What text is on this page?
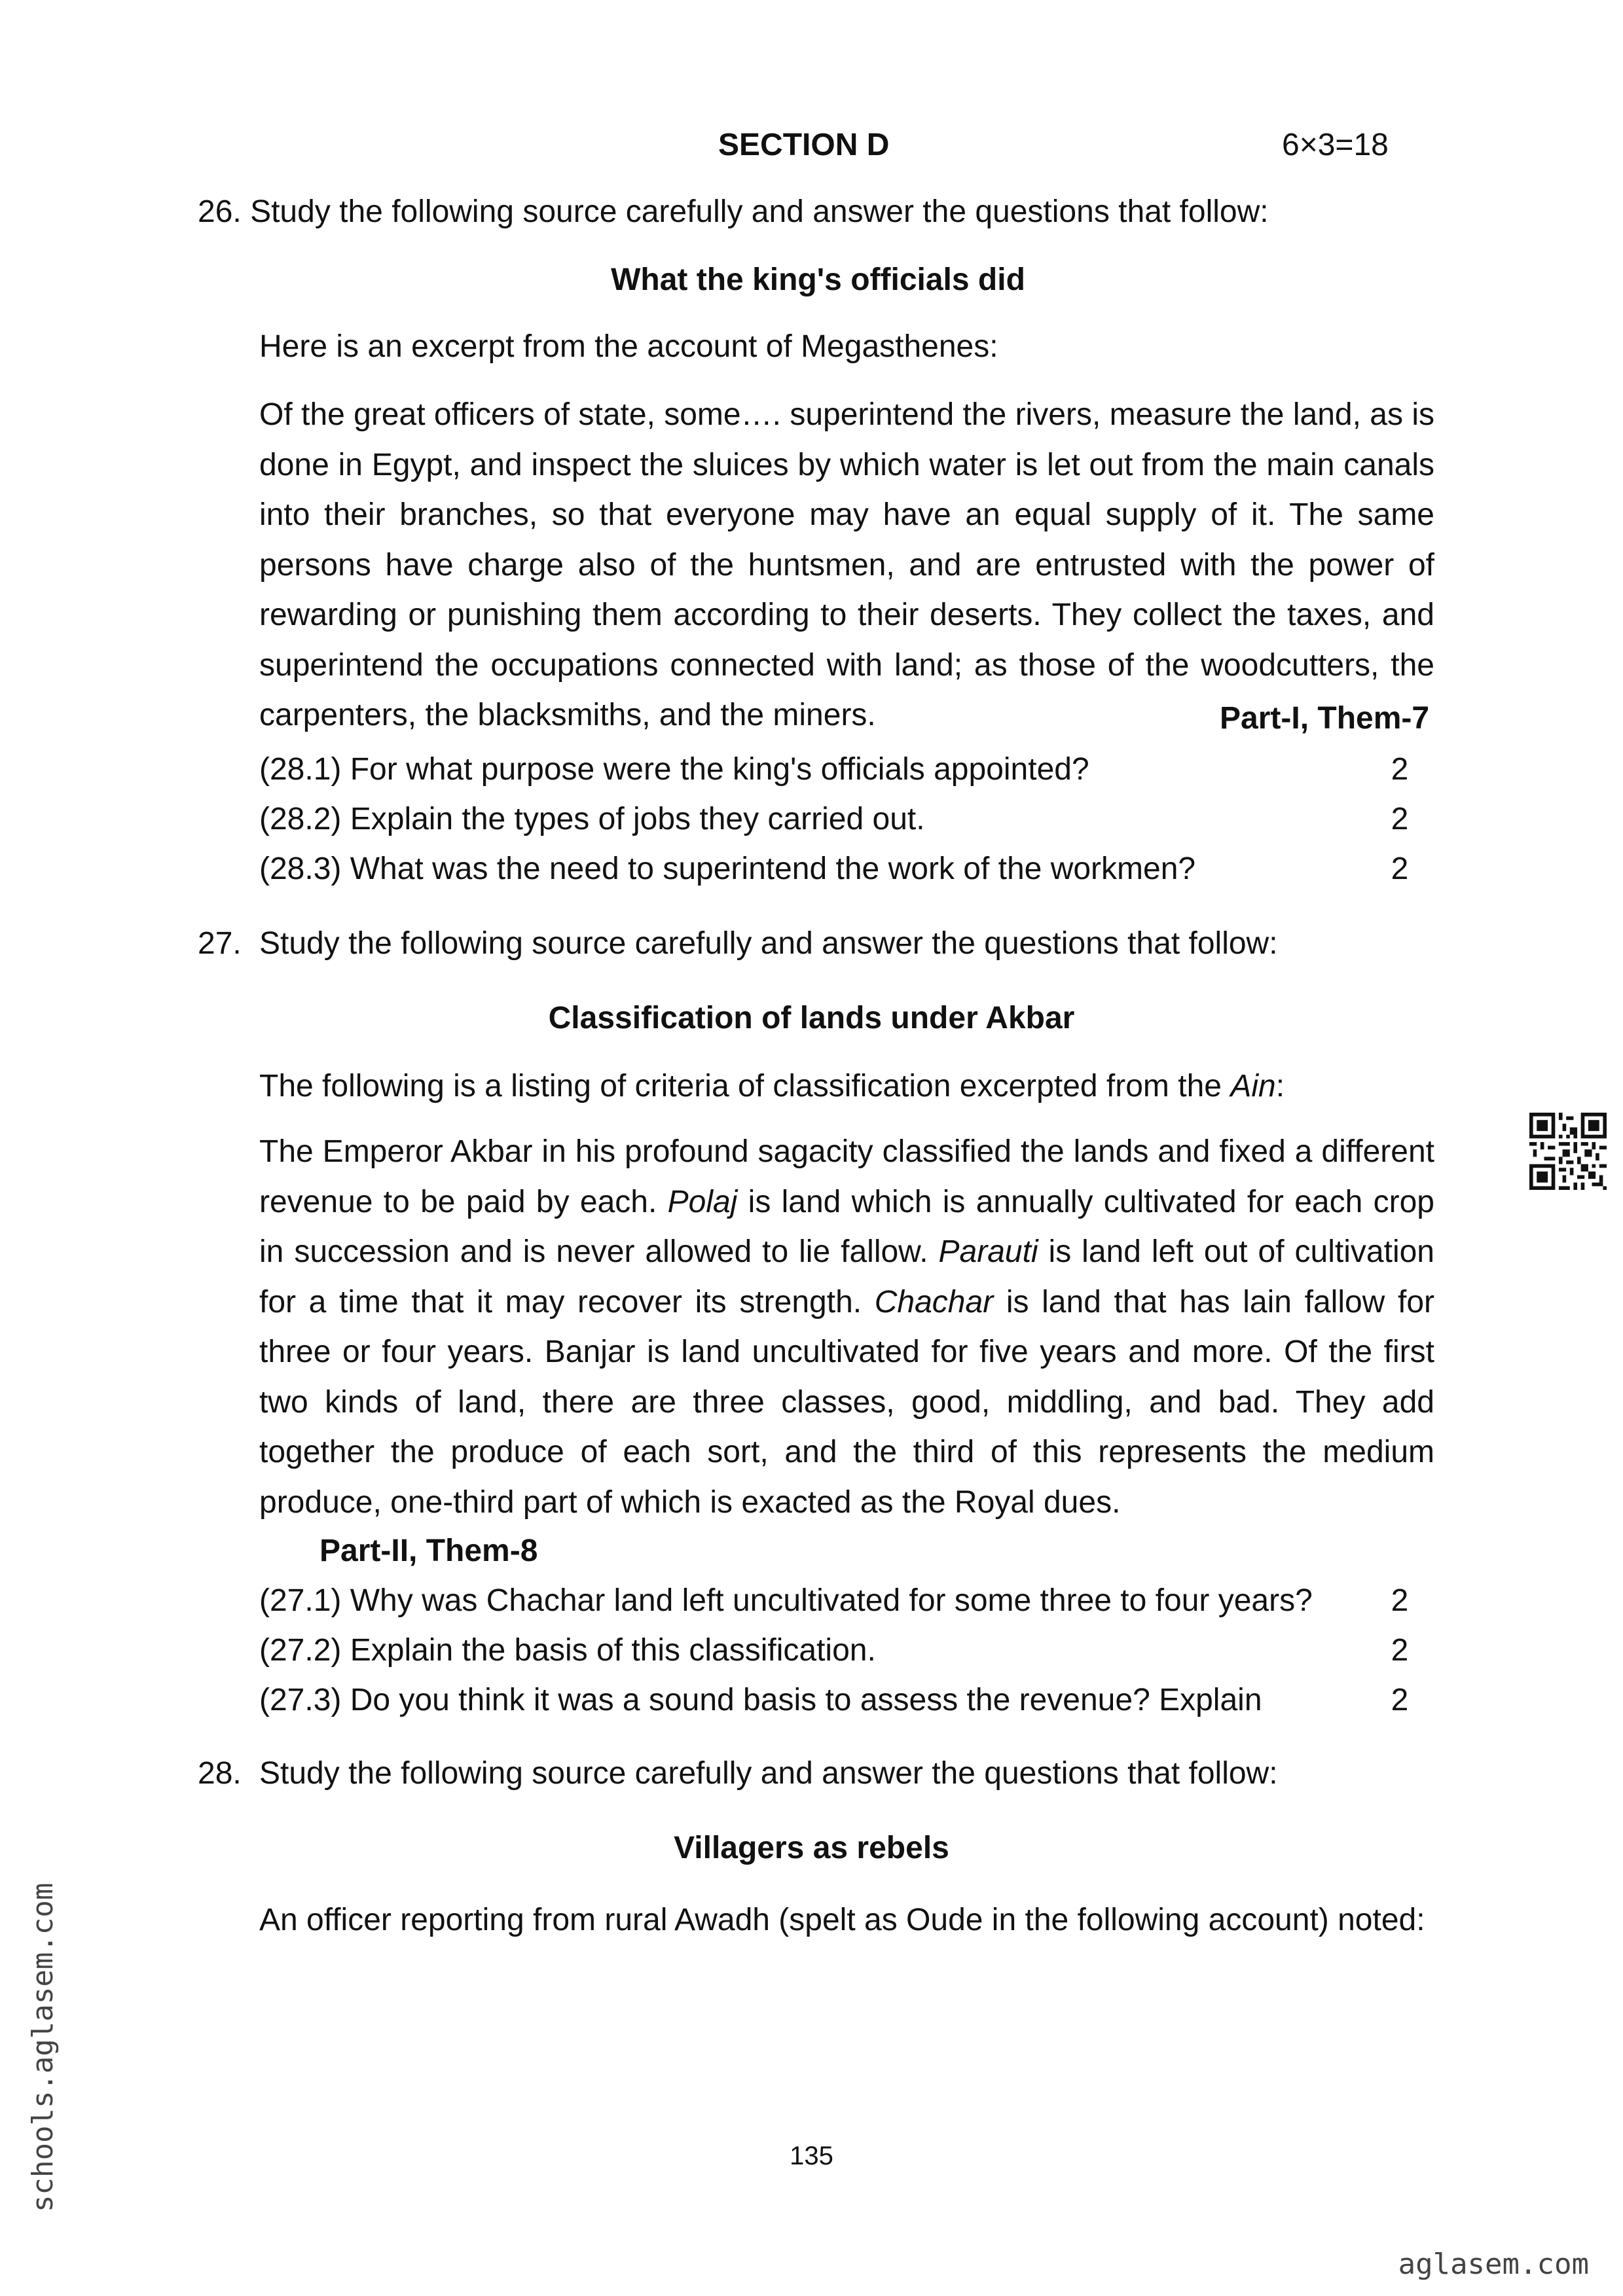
SECTION D	6×3=18
26. Study the following source carefully and answer the questions that follow:
What the king's officials did
Here is an excerpt from the account of Megasthenes:
Of the great officers of state, some…. superintend the rivers, measure the land, as is done in Egypt, and inspect the sluices by which water is let out from the main canals into their branches, so that everyone may have an equal supply of it. The same persons have charge also of the huntsmen, and are entrusted with the power of rewarding or punishing them according to their deserts. They collect the taxes, and superintend the occupations connected with land; as those of the woodcutters, the carpenters, the blacksmiths, and the miners.	Part-I, Them-7
(28.1) For what purpose were the king's officials appointed?	2
(28.2) Explain the types of jobs they carried out.	2
(28.3) What was the need to superintend the work of the workmen?	2
27. Study the following source carefully and answer the questions that follow:
Classification of lands under Akbar
The following is a listing of criteria of classification excerpted from the Ain:
The Emperor Akbar in his profound sagacity classified the lands and fixed a different revenue to be paid by each. Polaj is land which is annually cultivated for each crop in succession and is never allowed to lie fallow. Parauti is land left out of cultivation for a time that it may recover its strength. Chachar is land that has lain fallow for three or four years. Banjar is land uncultivated for five years and more. Of the first two kinds of land, there are three classes, good, middling, and bad. They add together the produce of each sort, and the third of this represents the medium produce, one-third part of which is exacted as the Royal dues.
Part-II, Them-8
(27.1) Why was Chachar land left uncultivated for some three to four years? 2
(27.2) Explain the basis of this classification.	2
(27.3) Do you think it was a sound basis to assess the revenue? Explain	2
28. Study the following source carefully and answer the questions that follow:
Villagers as rebels
An officer reporting from rural Awadh (spelt as Oude in the following account) noted:
135
schools.aglasem.com
aglasem.com
